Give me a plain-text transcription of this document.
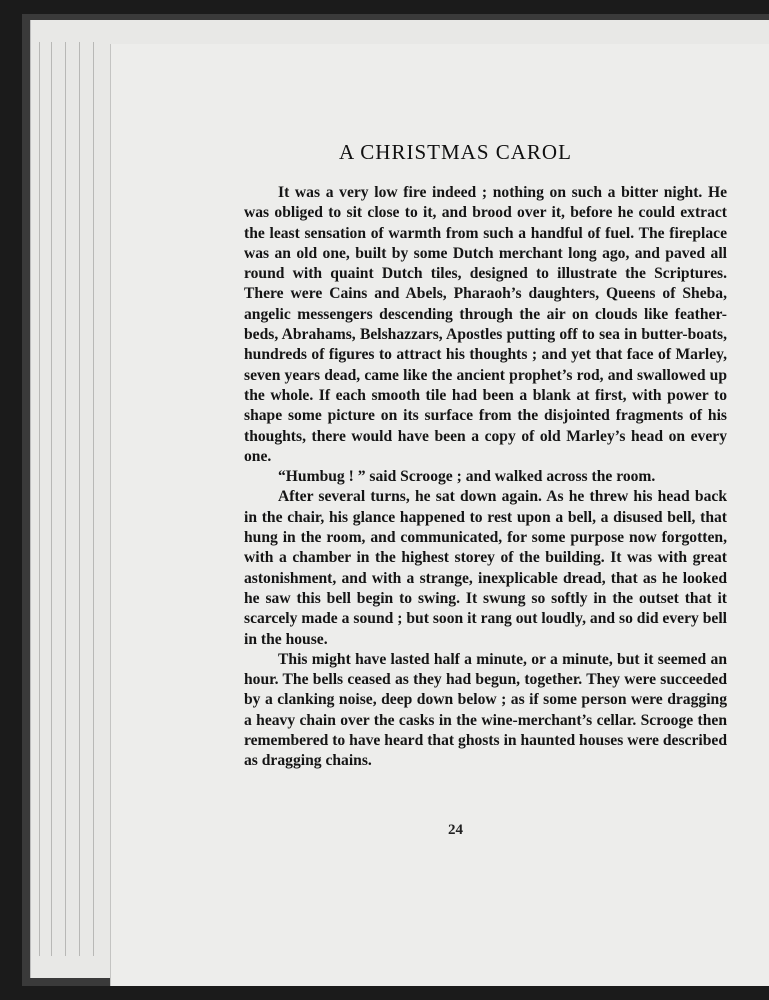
A CHRISTMAS CAROL

It was a very low fire indeed ; nothing on such a bitter night. He was obliged to sit close to it, and brood over it, before he could extract the least sensation of warmth from such a handful of fuel. The fireplace was an old one, built by some Dutch merchant long ago, and paved all round with quaint Dutch tiles, designed to illustrate the Scriptures. There were Cains and Abels, Pharaoh’s daughters, Queens of Sheba, angelic messengers descending through the air on clouds like feather-beds, Abrahams, Belshazzars, Apostles putting off to sea in butter-boats, hundreds of figures to attract his thoughts ; and yet that face of Marley, seven years dead, came like the ancient prophet’s rod, and swallowed up the whole. If each smooth tile had been a blank at first, with power to shape some picture on its surface from the disjointed fragments of his thoughts, there would have been a copy of old Marley’s head on every one.

“Humbug ! ” said Scrooge ; and walked across the room.

After several turns, he sat down again. As he threw his head back in the chair, his glance happened to rest upon a bell, a disused bell, that hung in the room, and communicated, for some purpose now forgotten, with a chamber in the highest storey of the building. It was with great astonishment, and with a strange, inexplicable dread, that as he looked he saw this bell begin to swing. It swung so softly in the outset that it scarcely made a sound ; but soon it rang out loudly, and so did every bell in the house.

This might have lasted half a minute, or a minute, but it seemed an hour. The bells ceased as they had begun, together. They were succeeded by a clanking noise, deep down below ; as if some person were dragging a heavy chain over the casks in the wine-merchant’s cellar. Scrooge then remembered to have heard that ghosts in haunted houses were described as dragging chains.

24
